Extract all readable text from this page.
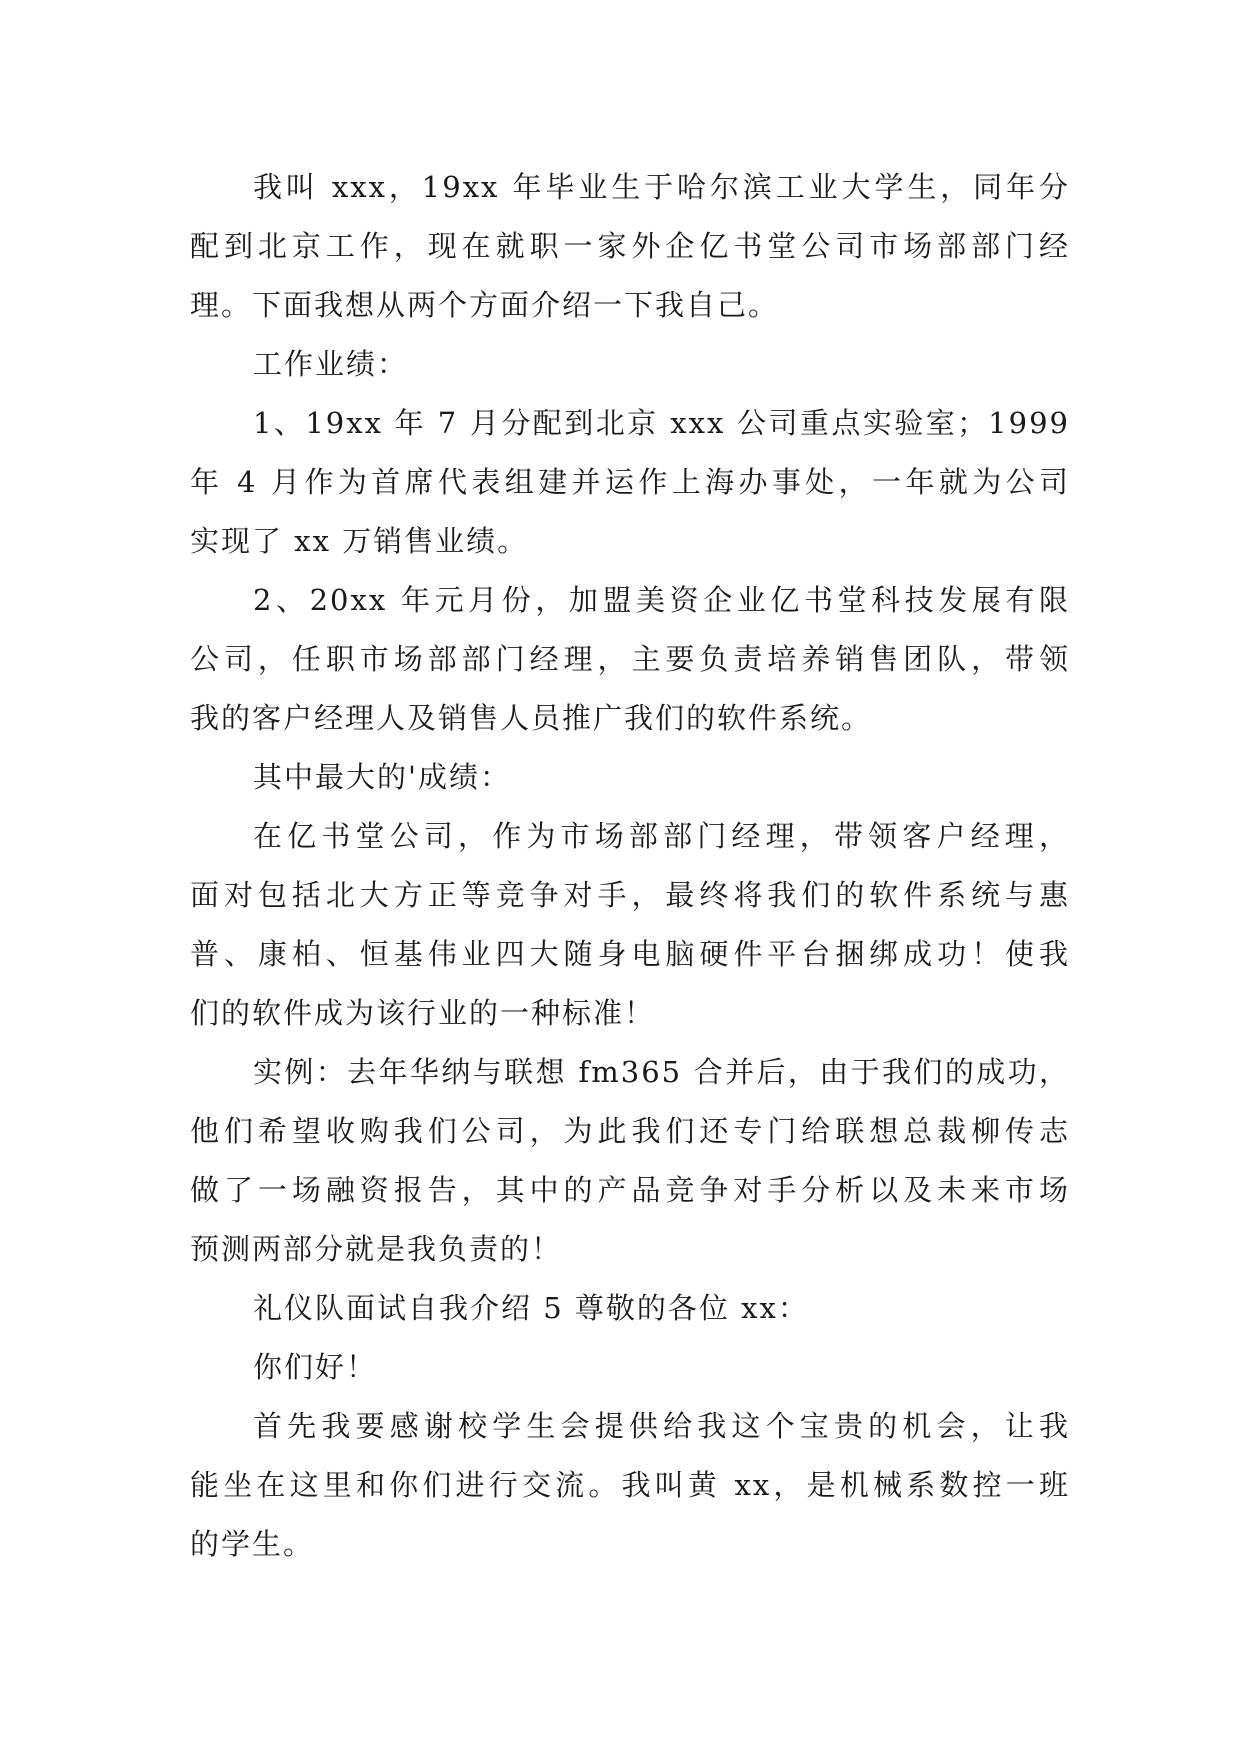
我叫 xxx，19xx 年毕业生于哈尔滨工业大学生，同年分
配到北京工作，现在就职一家外企亿书堂公司市场部部门经
理。下面我想从两个方面介绍一下我自己。
工作业绩：
1、19xx 年 7 月分配到北京 xxx 公司重点实验室；1999
年 4 月作为首席代表组建并运作上海办事处，一年就为公司
实现了 xx 万销售业绩。
2、20xx 年元月份，加盟美资企业亿书堂科技发展有限
公司，任职市场部部门经理，主要负责培养销售团队，带领
我的客户经理人及销售人员推广我们的软件系统。
其中最大的'成绩：
在亿书堂公司，作为市场部部门经理，带领客户经理，
面对包括北大方正等竞争对手，最终将我们的软件系统与惠
普、康柏、恒基伟业四大随身电脑硬件平台捆绑成功！使我
们的软件成为该行业的一种标准！
实例：去年华纳与联想 fm365 合并后，由于我们的成功，
他们希望收购我们公司，为此我们还专门给联想总裁柳传志
做了一场融资报告，其中的产品竞争对手分析以及未来市场
预测两部分就是我负责的！
礼仪队面试自我介绍 5 尊敬的各位 xx：
你们好！
首先我要感谢校学生会提供给我这个宝贵的机会，让我
能坐在这里和你们进行交流。我叫黄 xx，是机械系数控一班
的学生。
